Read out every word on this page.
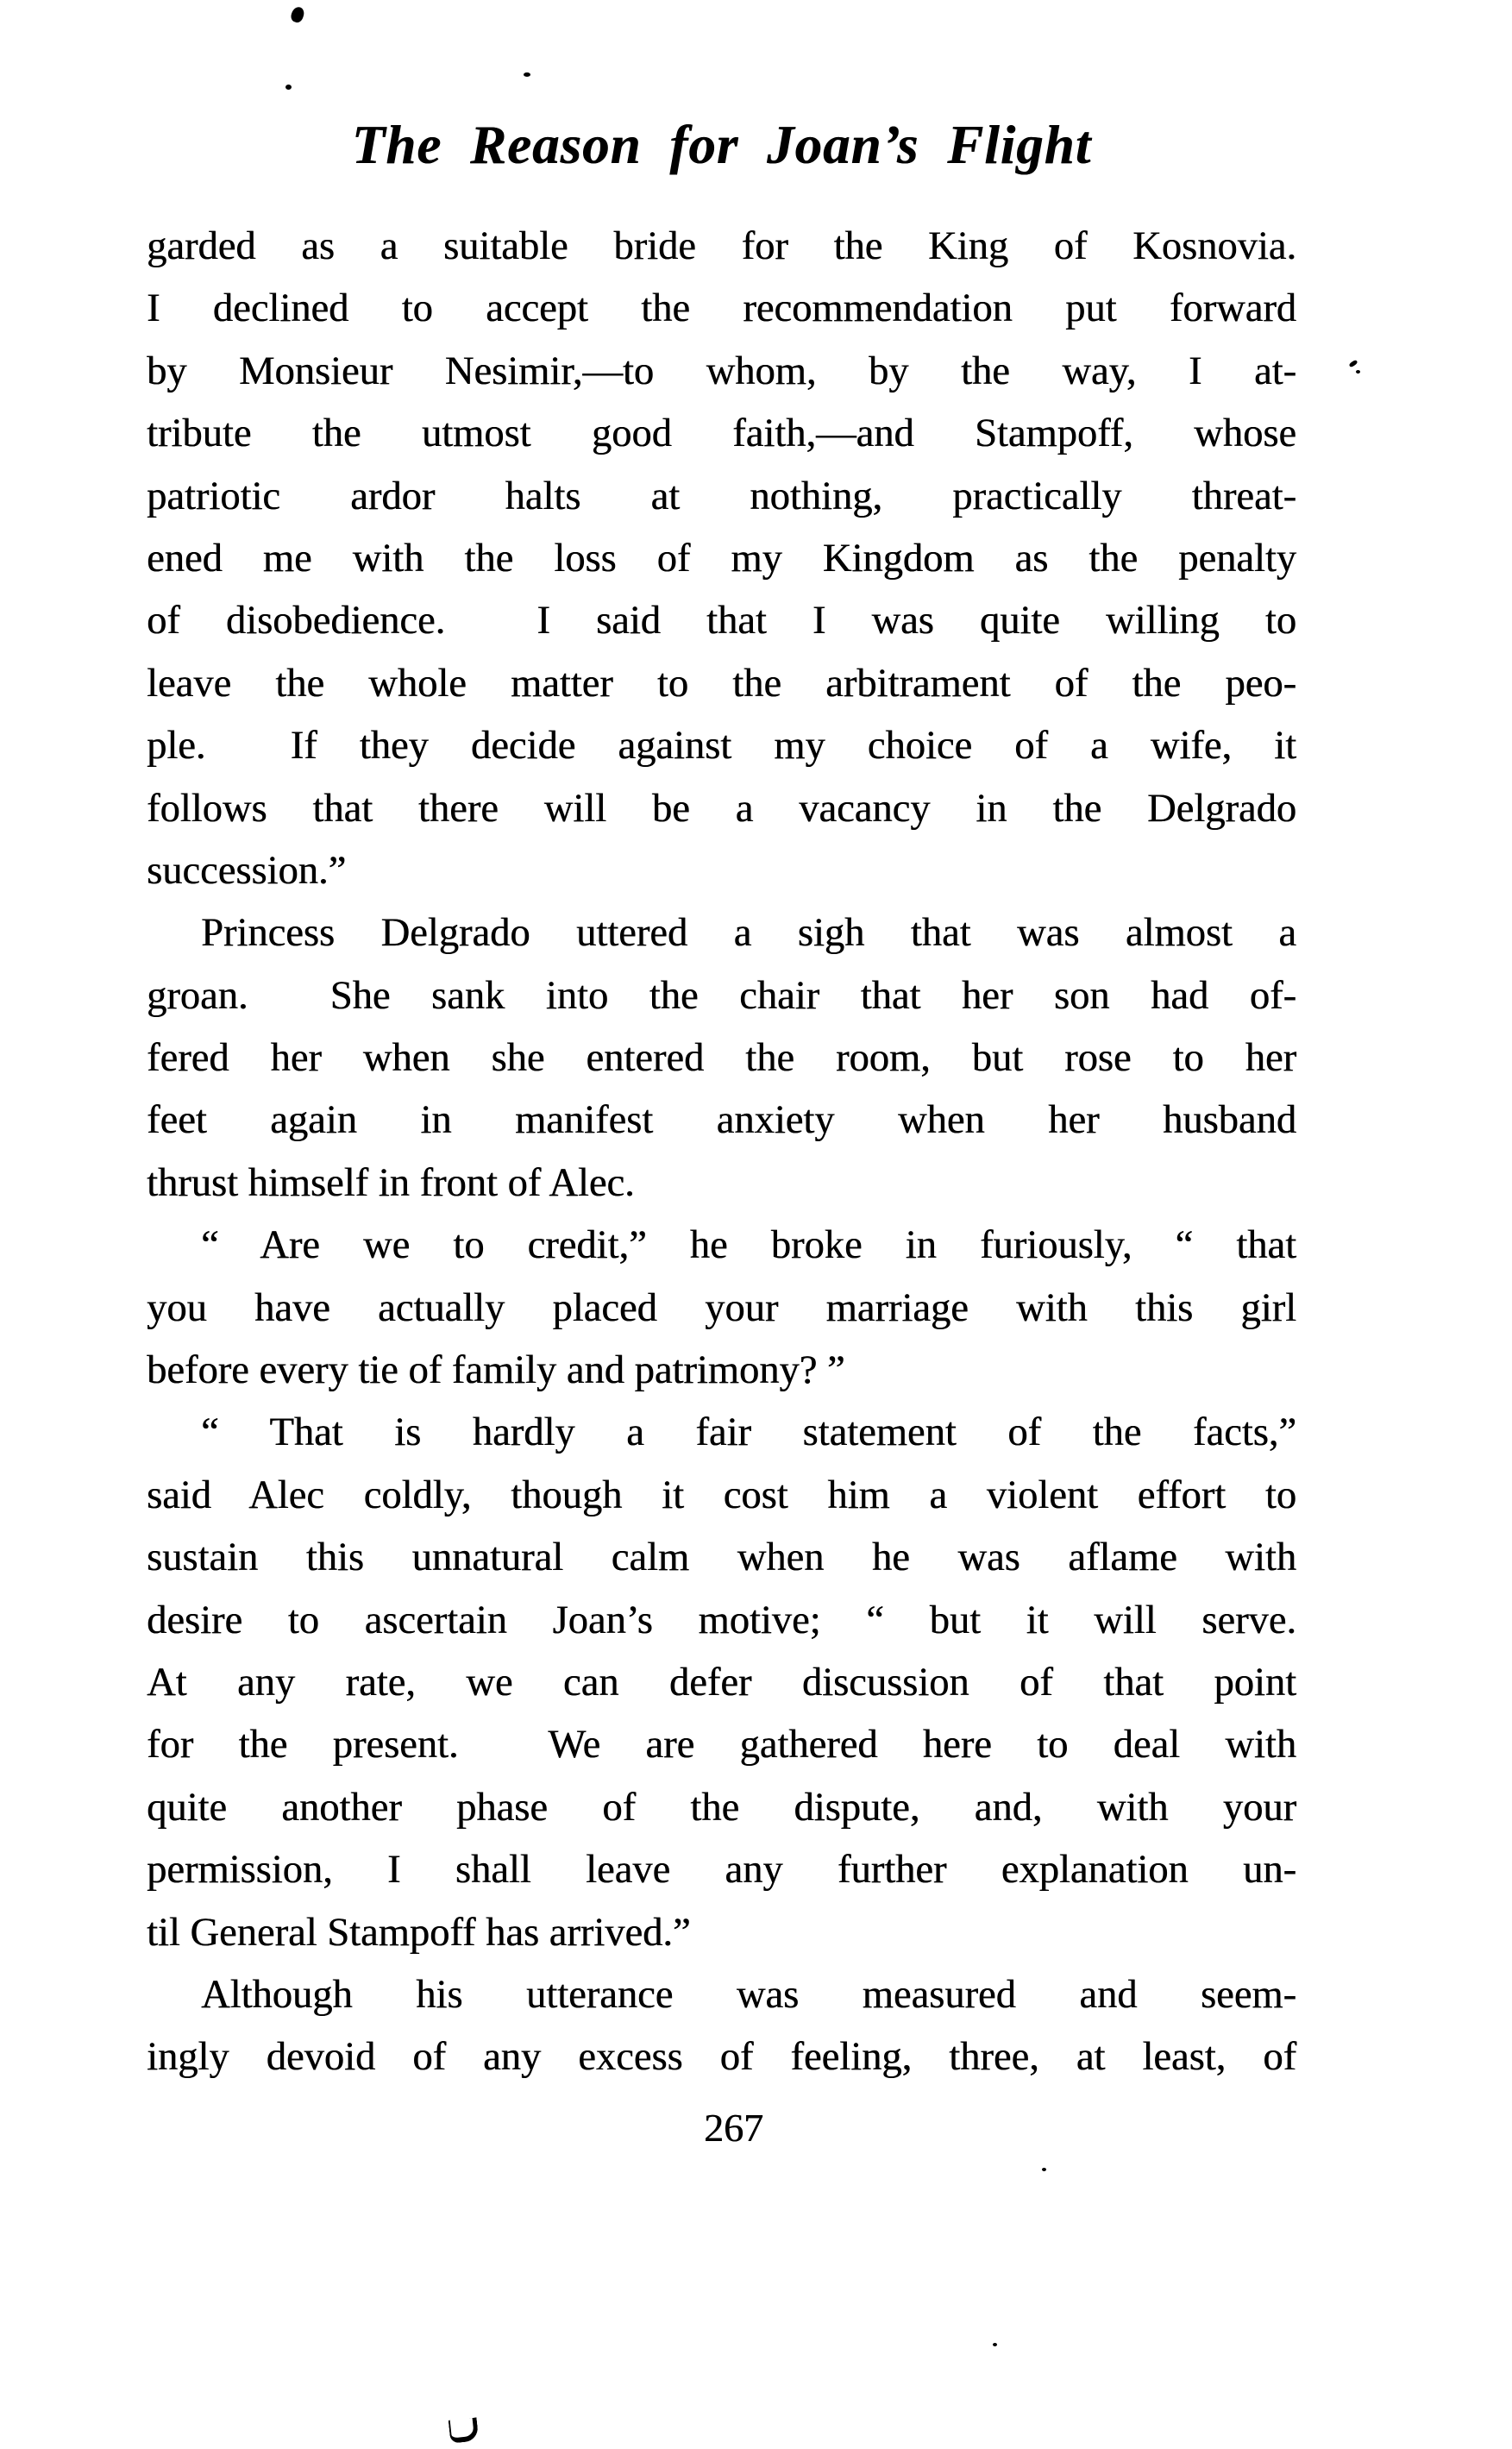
The Reason for Joan’s Flight
garded as a suitable bride for the King of Kosnovia.
I declined to accept the recommendation put forward
by Monsieur Nesimir,—to whom, by the way, I at-
tribute the utmost good faith,—and Stampoff, whose
patriotic ardor halts at nothing, practically threat-
ened me with the loss of my Kingdom as the penalty
of disobedience.  I said that I was quite willing to
leave the whole matter to the arbitrament of the peo-
ple.  If they decide against my choice of a wife, it
follows that there will be a vacancy in the Delgrado
succession.”
Princess Delgrado uttered a sigh that was almost a
groan.  She sank into the chair that her son had of-
fered her when she entered the room, but rose to her
feet again in manifest anxiety when her husband
thrust himself in front of Alec.
“ Are we to credit,” he broke in furiously, “ that
you have actually placed your marriage with this girl
before every tie of family and patrimony? ”
“ That is hardly a fair statement of the facts,”
said Alec coldly, though it cost him a violent effort to
sustain this unnatural calm when he was aflame with
desire to ascertain Joan’s motive; “ but it will serve.
At any rate, we can defer discussion of that point
for the present.  We are gathered here to deal with
quite another phase of the dispute, and, with your
permission, I shall leave any further explanation un-
til General Stampoff has arrived.”
Although his utterance was measured and seem-
ingly devoid of any excess of feeling, three, at least, of
267
